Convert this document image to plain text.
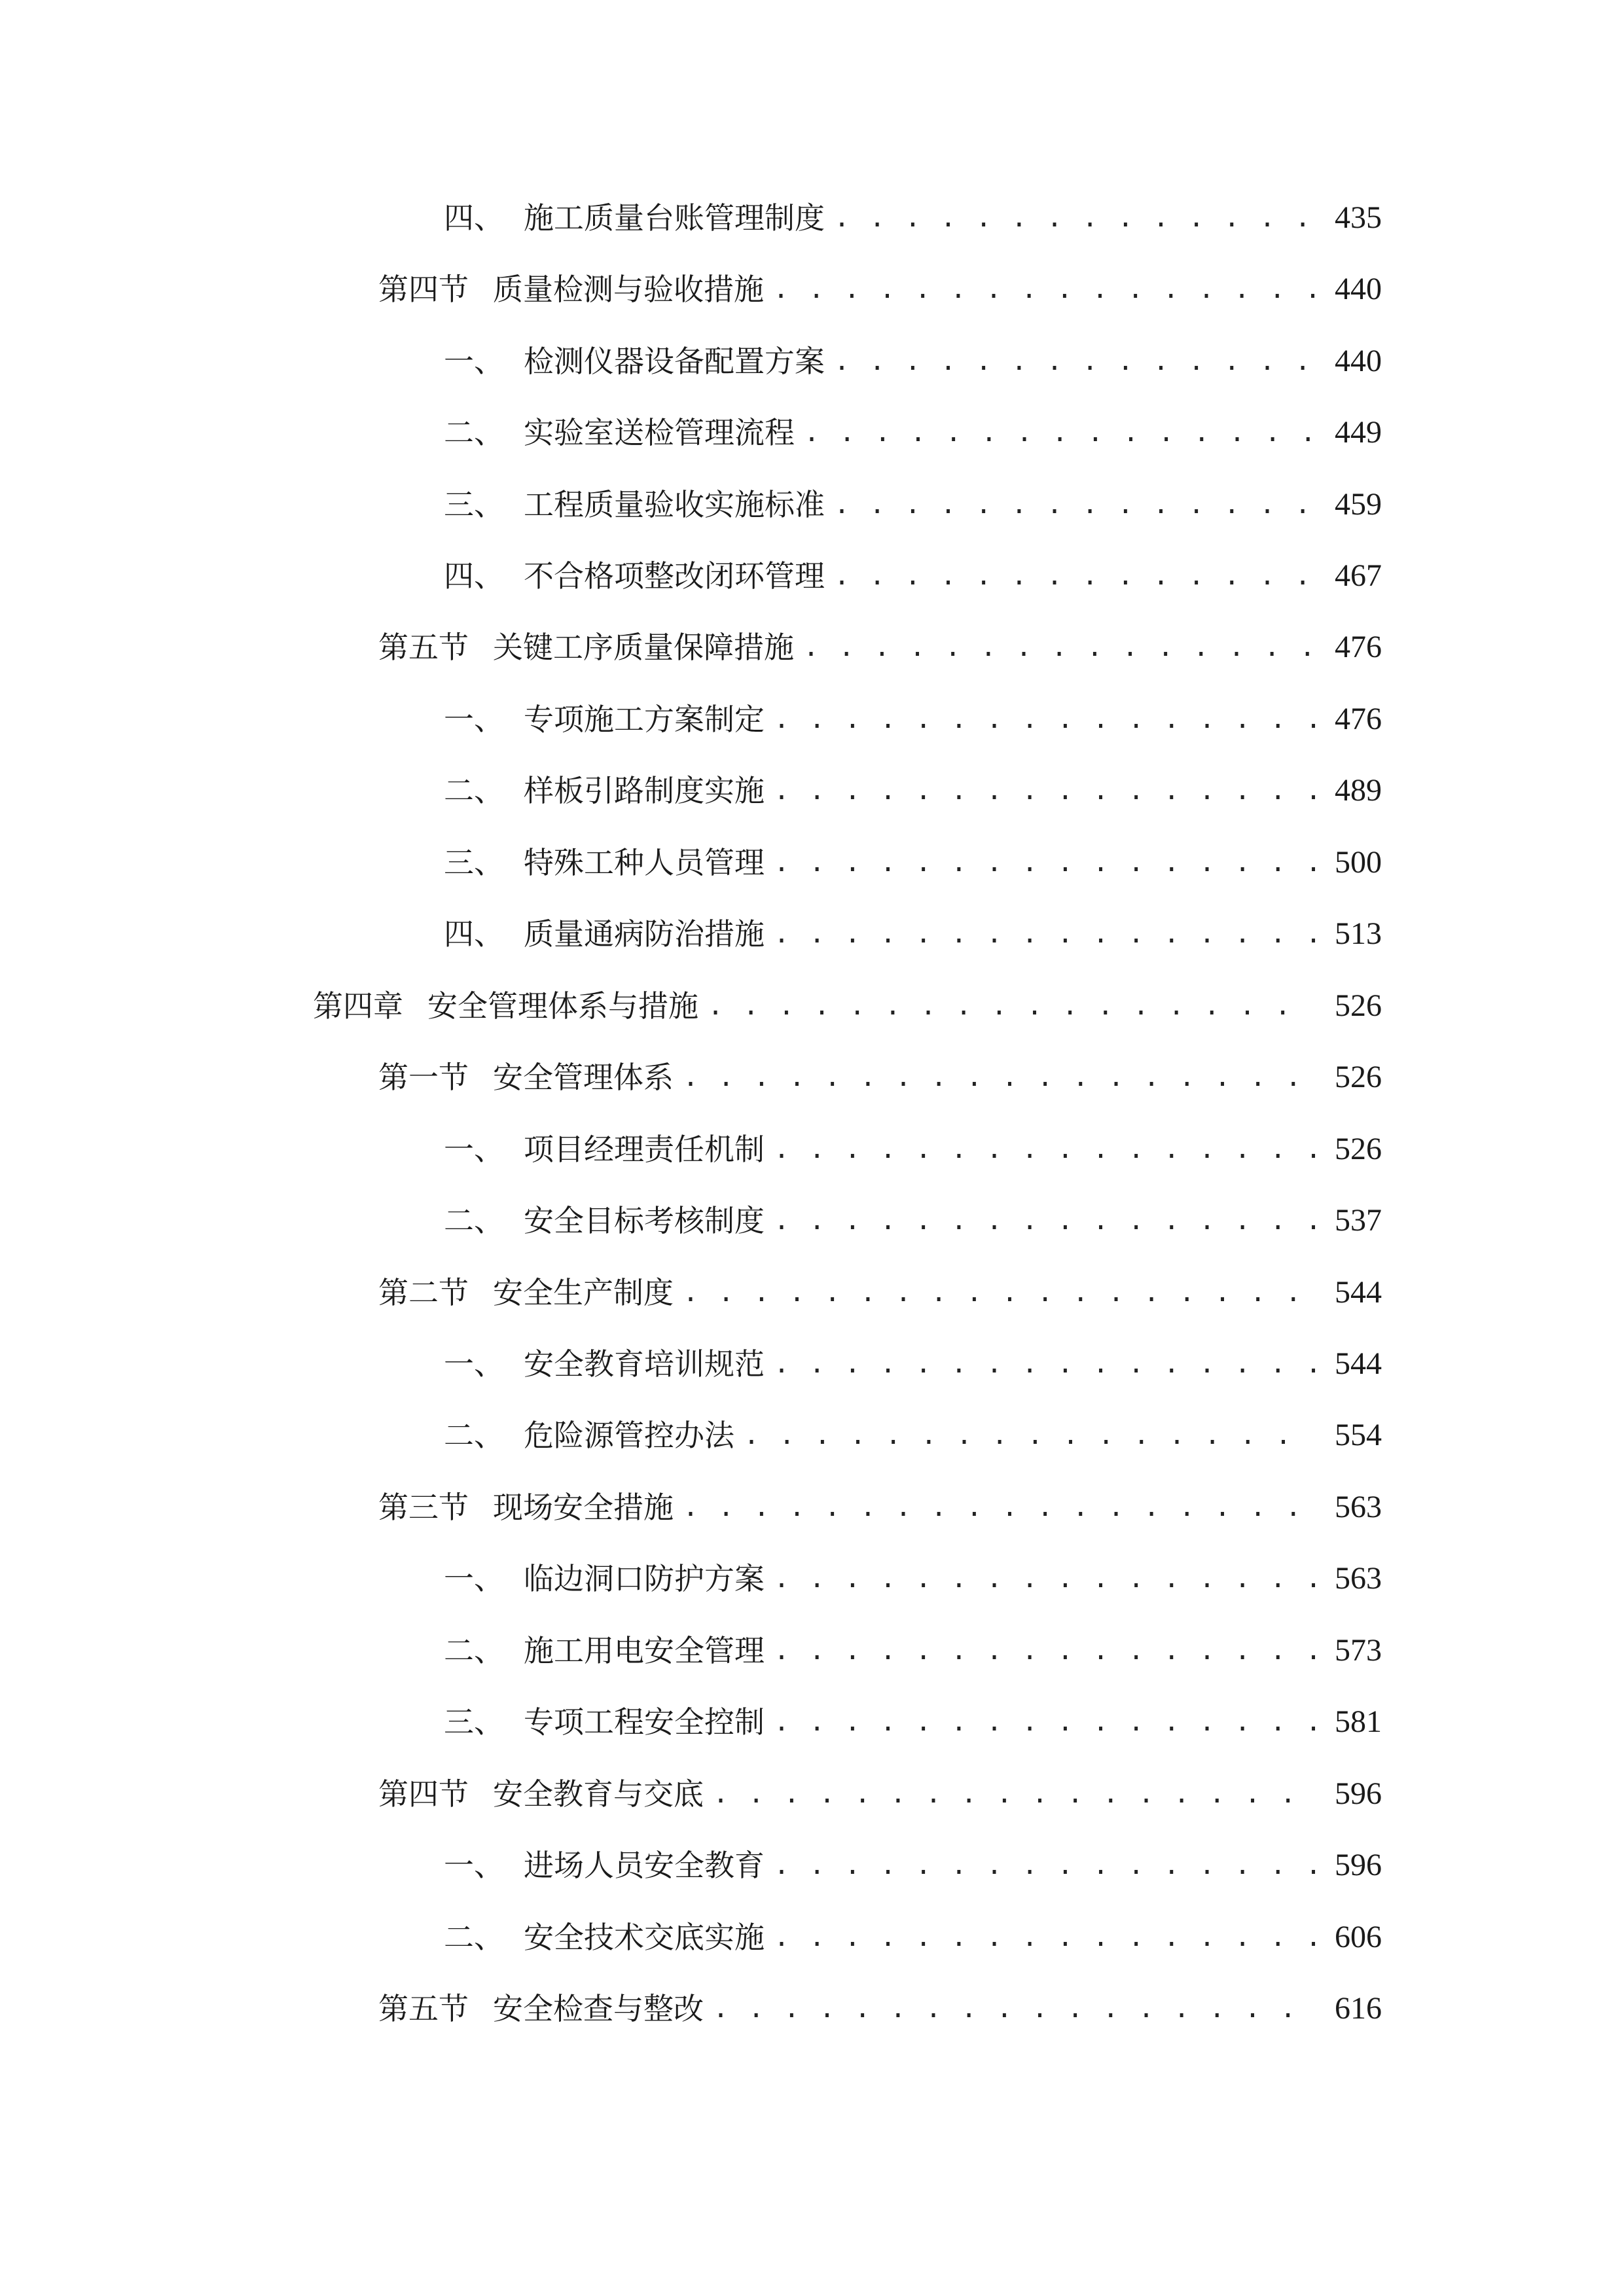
四、 施工质量台账管理制度 . . .	435
第四节 质量检测与验收措施 . . .	440
一、 检测仪器设备配置方案 . . .	440
二、 实验室送检管理流程 . . .	449
三、 工程质量验收实施标准 . . .	459
四、 不合格项整改闭环管理 . . .	467
第五节 关键工序质量保障措施 . . .	476
一、 专项施工方案制定 . . .	476
二、 样板引路制度实施 . . .	489
三、 特殊工种人员管理 . . .	500
四、 质量通病防治措施 . . .	513
第四章 安全管理体系与措施 . . .	526
第一节 安全管理体系 . . .	526
一、 项目经理责任机制 . . .	526
二、 安全目标考核制度 . . .	537
第二节 安全生产制度 . . .	544
一、 安全教育培训规范 . . .	544
二、 危险源管控办法 . . .	554
第三节 现场安全措施 . . .	563
一、 临边洞口防护方案 . . .	563
二、 施工用电安全管理 . . .	573
三、 专项工程安全控制 . . .	581
第四节 安全教育与交底 . . .	596
一、 进场人员安全教育 . . .	596
二、 安全技术交底实施 . . .	606
第五节 安全检查与整改 . . .	616
